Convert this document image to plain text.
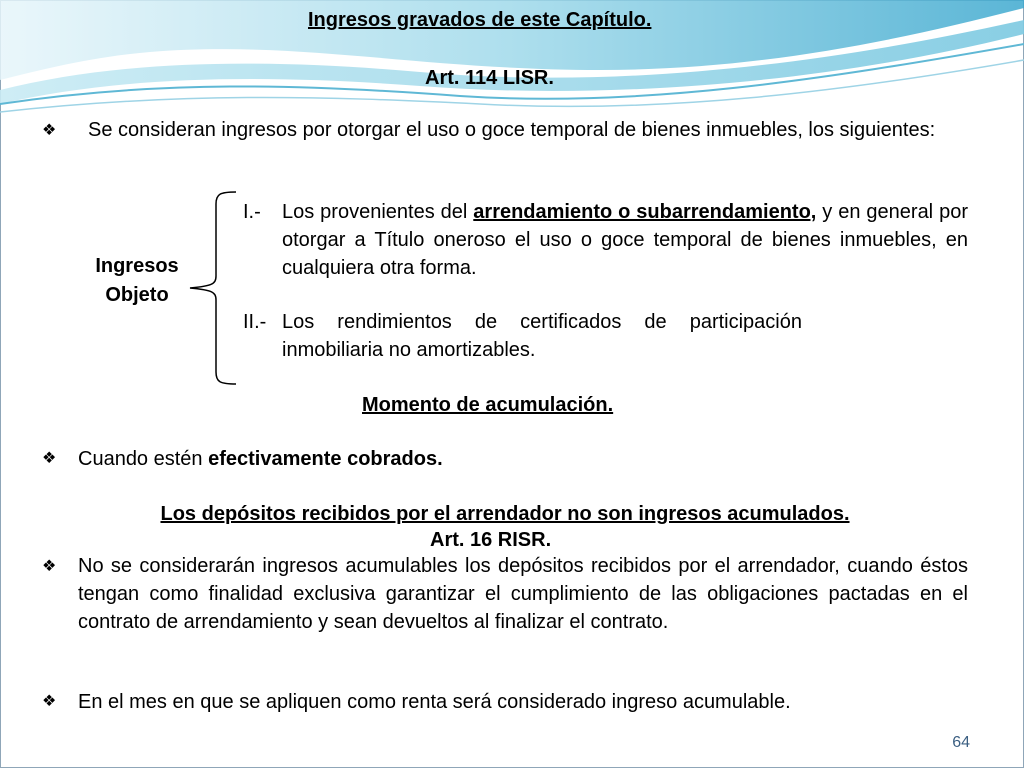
Ingresos gravados de este Capítulo.
Art. 114 LISR.
❖ Se consideran ingresos por otorgar el uso o goce temporal de bienes inmuebles, los siguientes:
Ingresos
Objeto
I.- Los provenientes del arrendamiento o subarrendamiento, y en general por otorgar a Título oneroso el uso o goce temporal de bienes inmuebles, en cualquiera otra forma.
II.- Los rendimientos de certificados de participación inmobiliaria no amortizables.
Momento de acumulación.
❖ Cuando estén efectivamente cobrados.
Los depósitos recibidos por el arrendador no son ingresos acumulados.
Art. 16 RISR.
❖ No se considerarán ingresos acumulables los depósitos recibidos por el arrendador, cuando éstos tengan como finalidad exclusiva garantizar el cumplimiento de las obligaciones pactadas en el contrato de arrendamiento y sean devueltos al finalizar el contrato.
❖ En el mes en que se apliquen como renta será considerado ingreso acumulable.
64
